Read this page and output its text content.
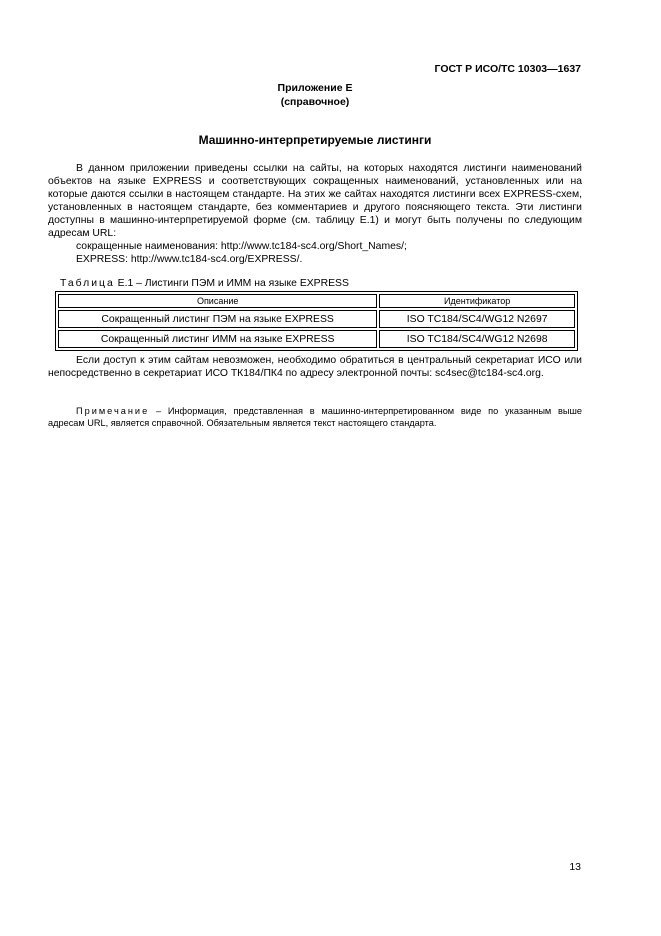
ГОСТ Р ИСО/ТС 10303—1637
Приложение Е
(справочное)
Машинно-интерпретируемые листинги
В данном приложении приведены ссылки на сайты, на которых находятся листинги наименований объектов на языке EXPRESS и соответствующих сокращенных наименований, установленных или на которые даются ссылки в настоящем стандарте. На этих же сайтах находятся листинги всех EXPRESS-схем, установленных в настоящем стандарте, без комментариев и другого поясняющего текста. Эти листинги доступны в машинно-интерпретируемой форме (см. таблицу Е.1) и могут быть получены по следующим адресам URL:
сокращенные наименования: http://www.tc184-sc4.org/Short_Names/;
EXPRESS: http://www.tc184-sc4.org/EXPRESS/.
Таблица Е.1 – Листинги ПЭМ и ИММ на языке EXPRESS
Описание	Идентификатор
Сокращенный листинг ПЭМ на языке EXPRESS	ISO TC184/SC4/WG12 N2697
Сокращенный листинг ИММ на языке EXPRESS	ISO TC184/SC4/WG12 N2698
Если доступ к этим сайтам невозможен, необходимо обратиться в центральный секретариат ИСО или непосредственно в секретариат ИСО ТК184/ПК4 по адресу электронной почты: sc4sec@tc184-sc4.org.
Примечание – Информация, представленная в машинно-интерпретированном виде по указанным выше адресам URL, является справочной. Обязательным является текст настоящего стандарта.
13
